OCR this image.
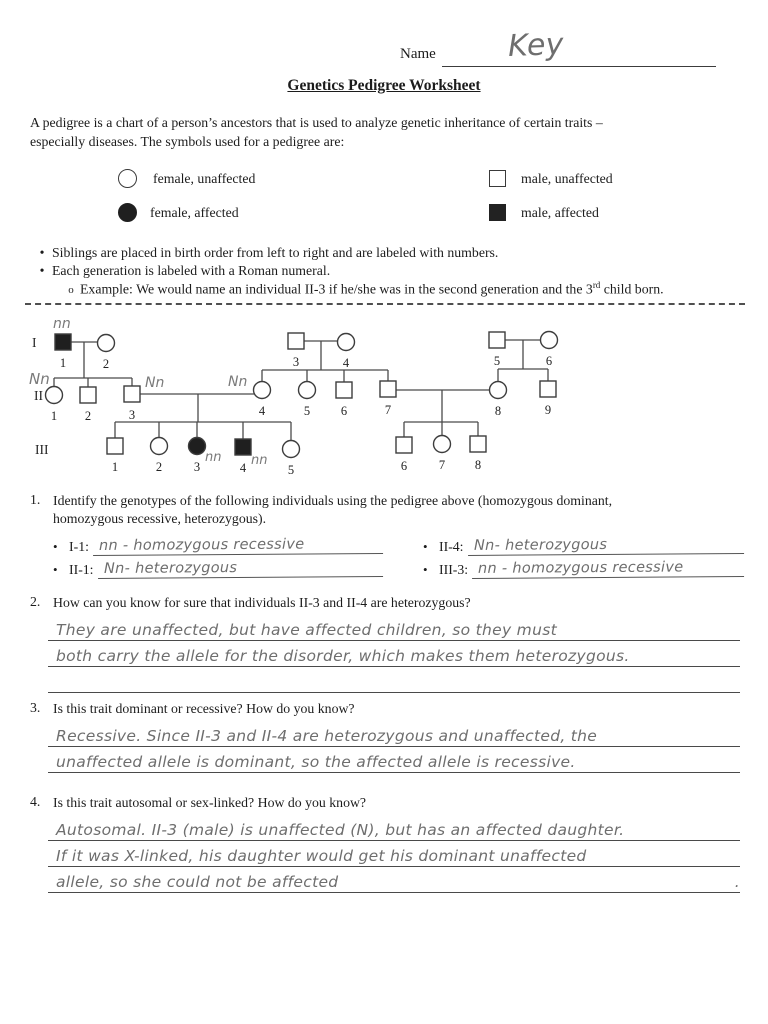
Name Key
Genetics Pedigree Worksheet
A pedigree is a chart of a person’s ancestors that is used to analyze genetic inheritance of certain traits –
especially diseases. The symbols used for a pedigree are:
female, unaffected
female, affected
male, unaffected
male, affected
• Siblings are placed in birth order from left to right and are labeled with numbers.
• Each generation is labeled with a Roman numeral.
o Example: We would name an individual II-3 if he/she was in the second generation and the 3rd child born.
1	2	3	4	5	6
1 2	3	4	5 6	7	8	9
1	2	3	4	5	6	7 8
I
II
III
nn
Nn	Nn	Nn
nn nn
1. Identify the genotypes of the following individuals using the pedigree above (homozygous dominant,
homozygous recessive, heterozygous).
• I-1: nn - homozygous recessive
• II-1: Nn- heterozygous
• II-4: Nn- heterozygous
• III-3: nn - homozygous recessive
2. How can you know for sure that individuals II-3 and II-4 are heterozygous?
They are unaffected, but have affected children, so they must
both carry the allele for the disorder, which makes them heterozygous.
3. Is this trait dominant or recessive? How do you know?
Recessive. Since II-3 and II-4 are heterozygous and unaffected, the
unaffected allele is dominant, so the affected allele is recessive.
4. Is this trait autosomal or sex-linked? How do you know?
Autosomal. II-3 (male) is unaffected (N), but has an affected daughter.
If it was X-linked, his daughter would get his dominant unaffected
allele, so she could not be affected	.
